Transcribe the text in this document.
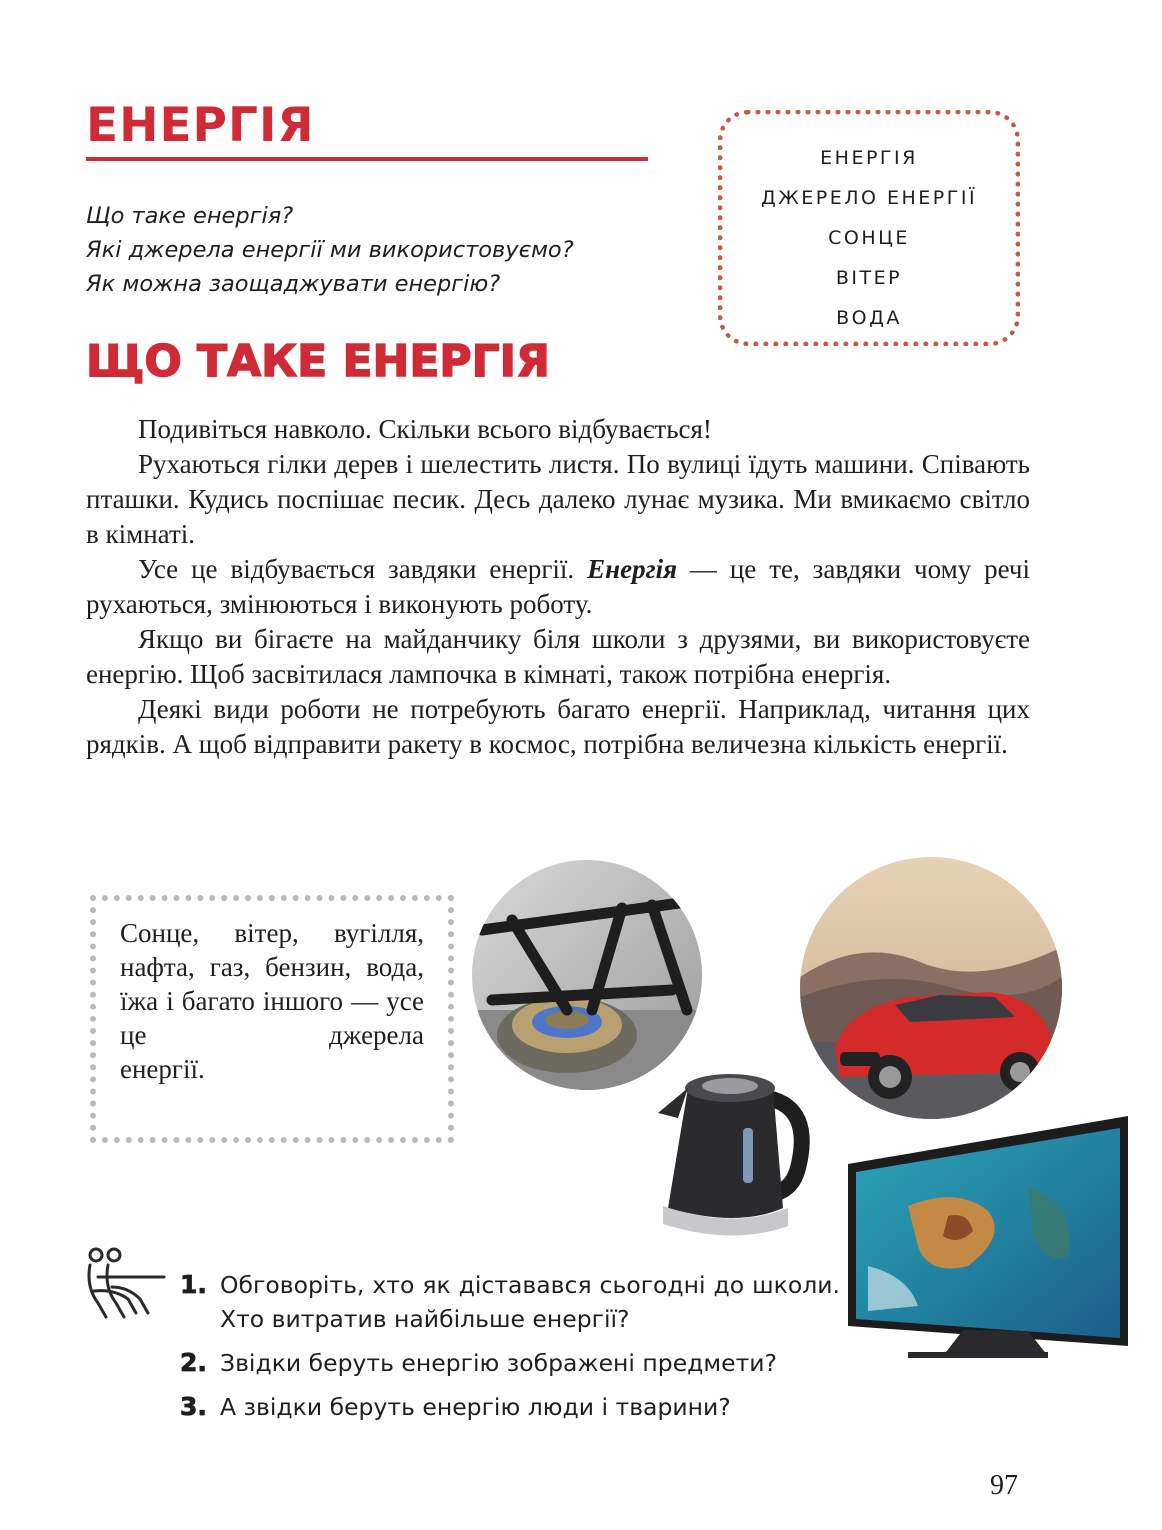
ЕНЕРГІЯ
Що таке енергія?
Які джерела енергії ми використовуємо?
Як можна заощаджувати енергію?
ЕНЕРГІЯ
ДЖЕРЕЛО ЕНЕРГІЇ
СОНЦЕ
ВІТЕР
ВОДА
ЩО ТАКЕ ЕНЕРГІЯ

Подивіться навколо. Скільки всього відбувається!

Рухаються гілки дерев і шелестить листя. По вулиці їдуть машини. Співають пташки. Кудись поспішає песик. Десь далеко лунає музика. Ми вмикаємо світло в кімнаті.

Усе це відбувається завдяки енергії. Енергія — це те, завдяки чому речі рухаються, змінюються і виконують роботу.

Якщо ви бігаєте на майданчику біля школи з друзями, ви використовуєте енергію. Щоб засвітилася лампочка в кімнаті, також потрібна енергія.

Деякі види роботи не потребують багато енергії. Наприклад, читання цих рядків. А щоб відправити ракету в космос, потрібна величезна кількість енергії.

Сонце, вітер, вугілля, нафта, газ, бензин, вода, їжа і багато іншого — усе це джерела
енергії.

1. Обговоріть, хто як діставався сьогодні до школи. Хто витратив найбільше енергії?
2. Звідки беруть енергію зображені предмети?
3. А звідки беруть енергію люди і тварини?
97
